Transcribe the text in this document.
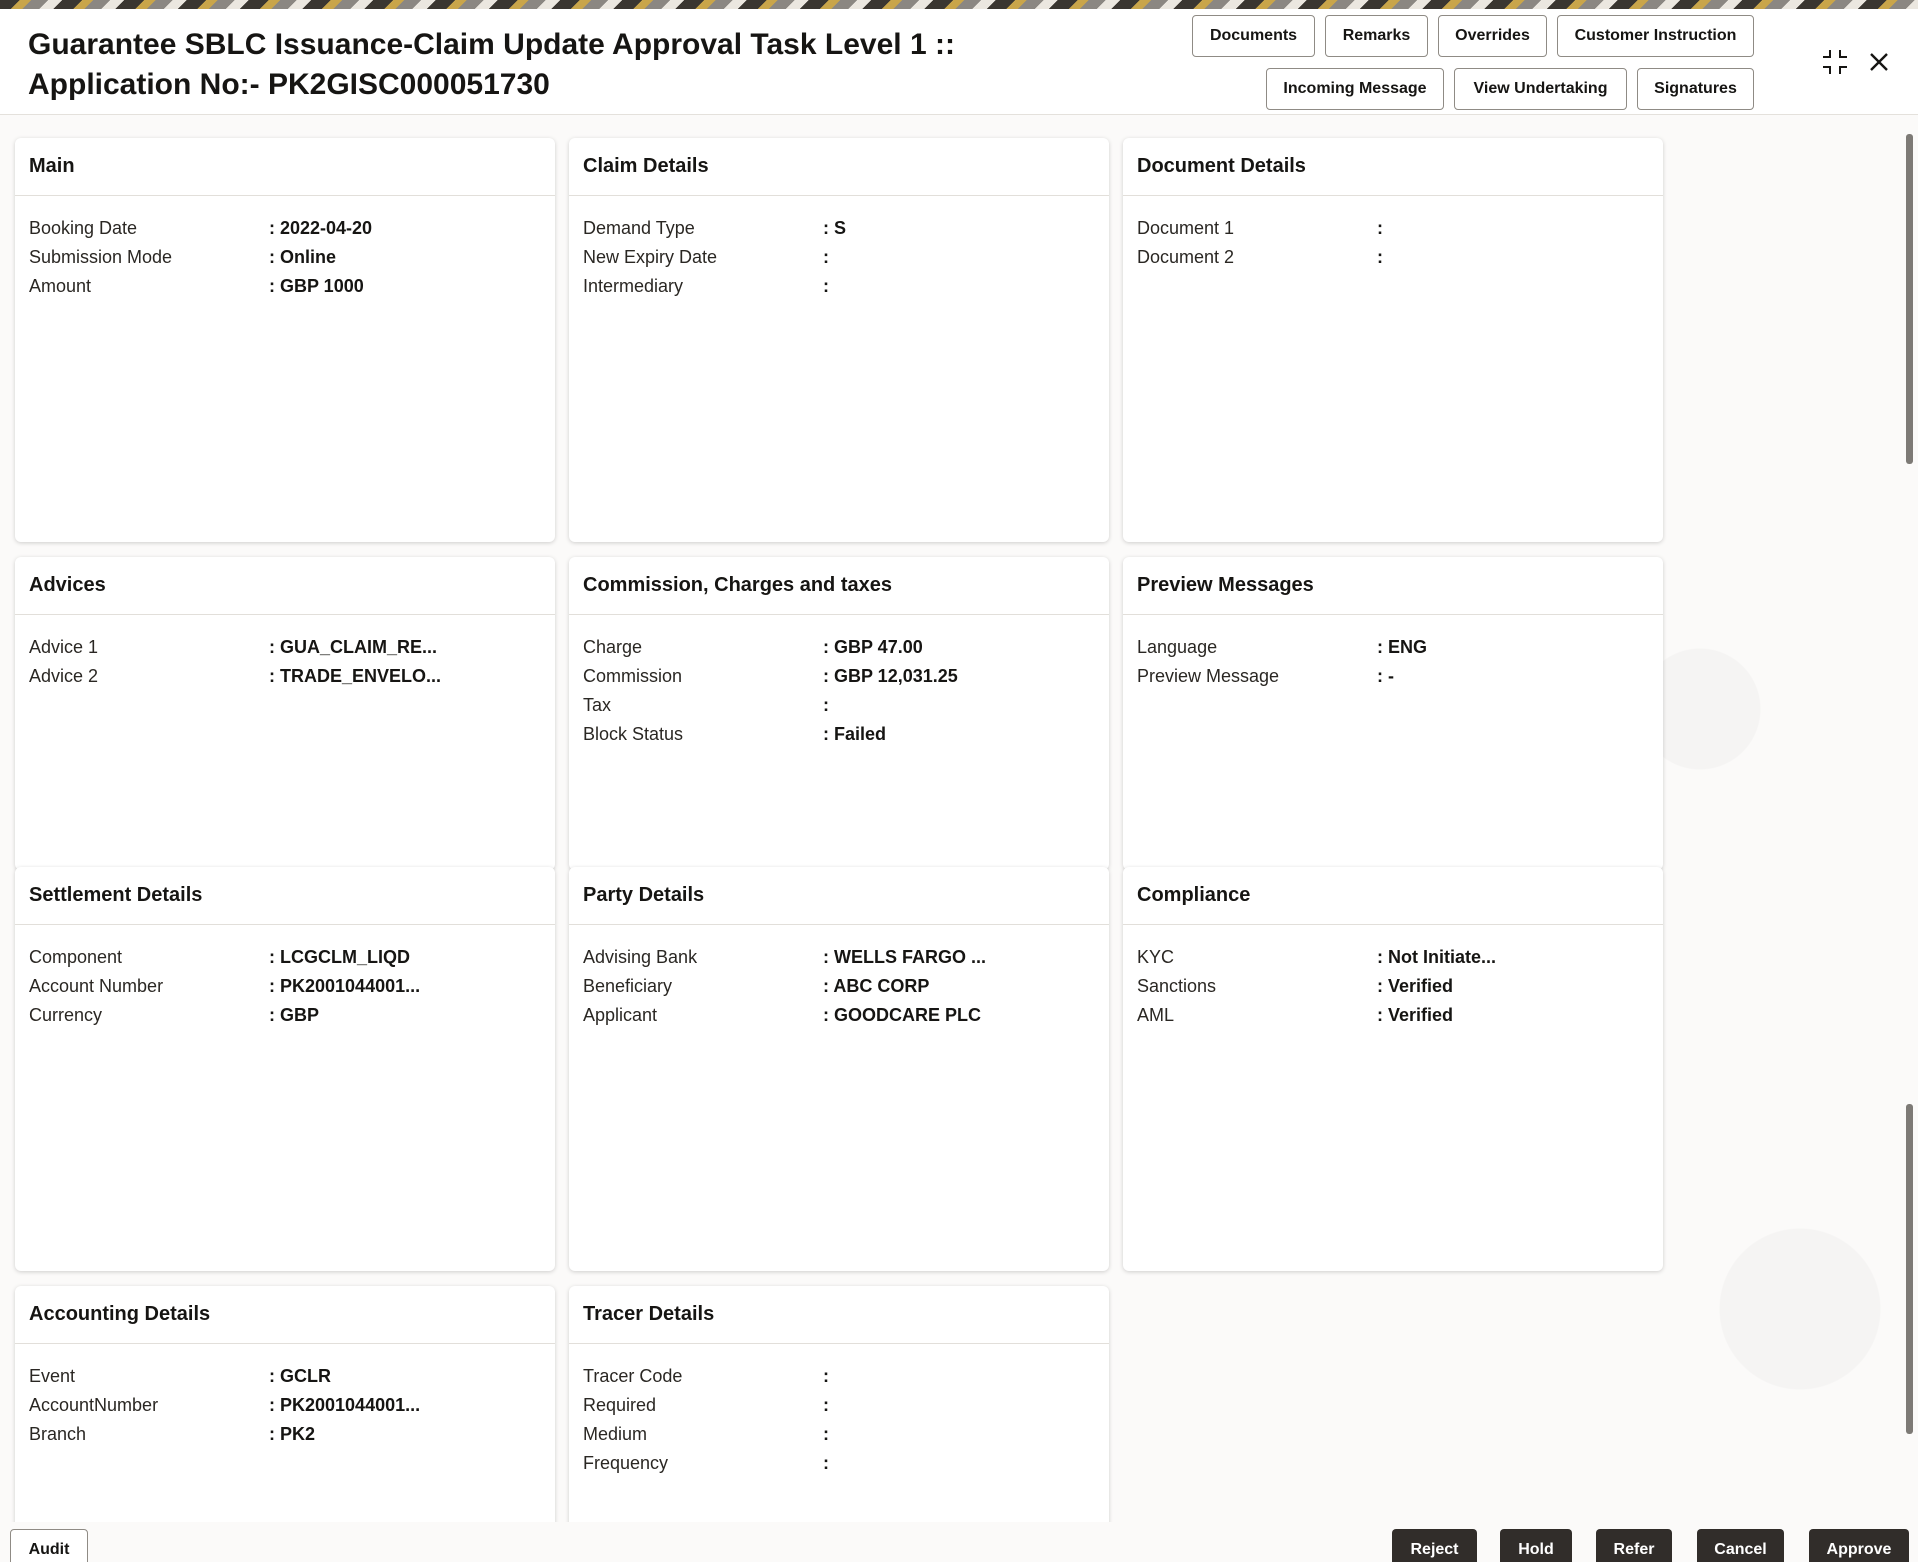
Guarantee SBLC Issuance-Claim Update Approval Task Level 1 ::
Application No:- PK2GISC000051730
Documents	Remarks	Overrides	Customer Instruction
Incoming Message	View Undertaking	Signatures
Main
Booking Date	: 2022-04-20
Submission Mode	: Online
Amount	: GBP 1000
Claim Details
Demand Type	: S
New Expiry Date	:
Intermediary	:
Document Details
Document 1	:
Document 2	:
Advices
Advice 1	: GUA_CLAIM_RE...
Advice 2	: TRADE_ENVELO...
Commission, Charges and taxes
Charge	: GBP 47.00
Commission	: GBP 12,031.25
Tax	:
Block Status	: Failed
Preview Messages
Language	: ENG
Preview Message	: -
Settlement Details
Component	: LCGCLM_LIQD
Account Number	: PK2001044001...
Currency	: GBP
Party Details
Advising Bank	: WELLS FARGO ...
Beneficiary	: ABC CORP
Applicant	: GOODCARE PLC
Compliance
KYC	: Not Initiate...
Sanctions	: Verified
AML	: Verified
Accounting Details
Event	: GCLR
AccountNumber	: PK2001044001...
Branch	: PK2
Tracer Details
Tracer Code	:
Required	:
Medium	:
Frequency	:
Audit	Reject	Hold	Refer	Cancel	Approve
